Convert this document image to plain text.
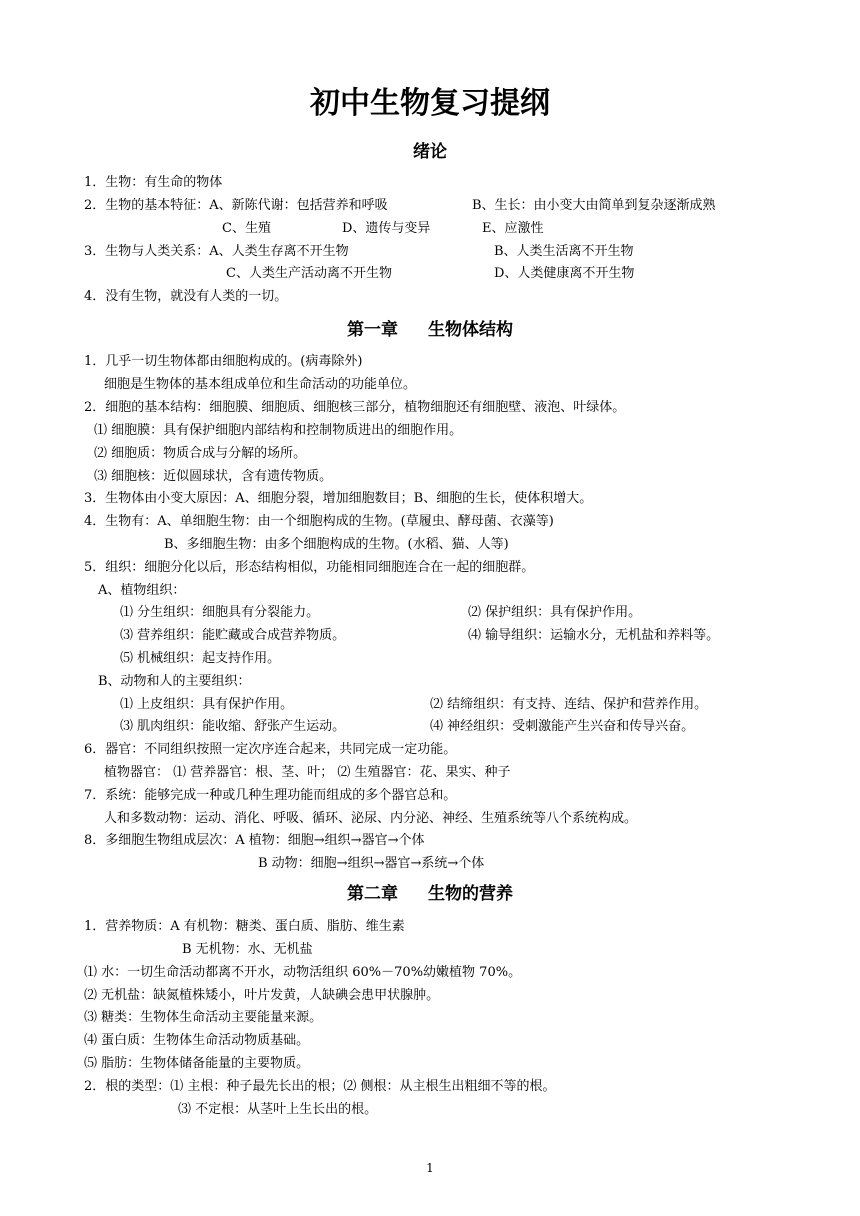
初中生物复习提纲
绪论
1．生物：有生命的物体
2．生物的基本特征：A、新陈代谢：包括营养和呼吸	B、生长：由小变大由简单到复杂逐渐成熟
C、生殖	D、遗传与变异	E、应激性
3．生物与人类关系：A、人类生存离不开生物	B、人类生活离不开生物
C、人类生产活动离不开生物	D、人类健康离不开生物
4．没有生物，就没有人类的一切。
第一章 生物体结构
1．几乎一切生物体都由细胞构成的。(病毒除外)
细胞是生物体的基本组成单位和生命活动的功能单位。
2．细胞的基本结构：细胞膜、细胞质、细胞核三部分，植物细胞还有细胞壁、液泡、叶绿体。
⑴ 细胞膜：具有保护细胞内部结构和控制物质进出的细胞作用。
⑵ 细胞质：物质合成与分解的场所。
⑶ 细胞核：近似圆球状，含有遗传物质。
3．生物体由小变大原因：A、细胞分裂，增加细胞数目；B、细胞的生长，使体积增大。
4．生物有：A、单细胞生物：由一个细胞构成的生物。(草履虫、酵母菌、衣藻等)
B、多细胞生物：由多个细胞构成的生物。(水稻、猫、人等)
5．组织：细胞分化以后，形态结构相似，功能相同细胞连合在一起的细胞群。
A、植物组织：
⑴ 分生组织：细胞具有分裂能力。	⑵ 保护组织：具有保护作用。
⑶ 营养组织：能贮藏或合成营养物质。	⑷ 输导组织：运输水分，无机盐和养料等。
⑸ 机械组织：起支持作用。
B、动物和人的主要组织：
⑴ 上皮组织：具有保护作用。	⑵ 结缔组织：有支持、连结、保护和营养作用。
⑶ 肌肉组织：能收缩、舒张产生运动。	⑷ 神经组织：受刺激能产生兴奋和传导兴奋。
6．器官：不同组织按照一定次序连合起来，共同完成一定功能。
植物器官： ⑴ 营养器官：根、茎、叶； ⑵ 生殖器官：花、果实、种子
7．系统：能够完成一种或几种生理功能而组成的多个器官总和。
人和多数动物：运动、消化、呼吸、循环、泌尿、内分泌、神经、生殖系统等八个系统构成。
8．多细胞生物组成层次：A 植物：细胞→组织→器官→个体
B 动物：细胞→组织→器官→系统→个体
第二章 生物的营养
1．营养物质：A 有机物：糖类、蛋白质、脂肪、维生素
B 无机物：水、无机盐
⑴ 水：一切生命活动都离不开水，动物活组织 60%－70%幼嫩植物 70%。
⑵ 无机盐：缺氮植株矮小，叶片发黄，人缺碘会患甲状腺肿。
⑶ 糖类：生物体生命活动主要能量来源。
⑷ 蛋白质：生物体生命活动物质基础。
⑸ 脂肪：生物体储备能量的主要物质。
2．根的类型：⑴ 主根：种子最先长出的根；⑵ 侧根：从主根生出粗细不等的根。
⑶ 不定根：从茎叶上生长出的根。
1
